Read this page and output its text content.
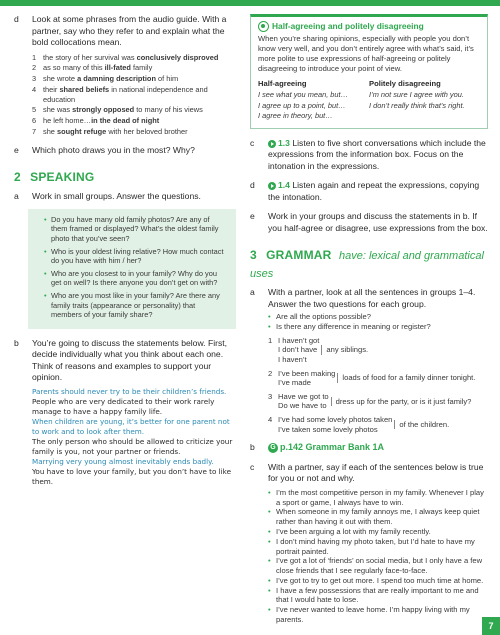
d	Look at some phrases from the audio guide. With a partner, say who they refer to and explain what the bold collocations mean.
1 the story of her survival was conclusively disproved
2 as so many of this ill-fated family
3 she wrote a damning description of him
4 their shared beliefs in national independence and education
5 she was strongly opposed to many of his views
6 he left home…in the dead of night
7 she sought refuge with her beloved brother
e	Which photo draws you in the most? Why?
2 SPEAKING
a	Work in small groups. Answer the questions.
• Do you have many old family photos? Are any of them framed or displayed? What’s the oldest family photo that you’ve seen?
• Who is your oldest living relative? How much contact do you have with him / her?
• Who are you closest to in your family? Why do you get on well? Is there anyone you don’t get on with?
• Who are you most like in your family? Are there any family traits (appearance or personality) that members of your family share?
b	You’re going to discuss the statements below. First, decide individually what you think about each one. Think of reasons and examples to support your opinion.

Parents should never try to be their children’s friends.

People who are very dedicated to their work rarely manage to have a happy family life.

When children are young, it’s better for one parent not to work and to look after them.

The only person who should be allowed to criticize your family is you, not your partner or friends.

Marrying very young almost inevitably ends badly.

You have to love your family, but you don’t have to like them.

Half-agreeing and politely disagreeing
When you’re sharing opinions, especially with people you don’t know very well, and you don’t entirely agree with what’s said, it’s more polite to use expressions of half-agreeing or politely disagreeing to introduce your point of view.
Half-agreeing
I see what you mean, but…
I agree up to a point, but…
I agree in theory, but…
Politely disagreeing
I’m not sure I agree with you.
I don’t really think that’s right.
c	1.3 Listen to five short conversations which include the expressions from the information box. Focus on the intonation in the expressions.
d	1.4 Listen again and repeat the expressions, copying the intonation.
e	Work in your groups and discuss the statements in b. If you half-agree or disagree, use expressions from the box.
3 GRAMMAR have: lexical and grammatical uses
a	With a partner, look at all the sentences in groups 1–4. Answer the two questions for each group.
• Are all the options possible?
• Is there any difference in meaning or register?
1 I haven’t got
I don’t have
I haven’t
any siblings.
2 I’ve been making
I’ve made
loads of food for a family dinner tonight.
3 Have we got to
Do we have to
dress up for the party, or is it just family?
4 I’ve had some lovely photos taken
I’ve taken some lovely photos
of the children.
b	G p.142 Grammar Bank 1A
c	With a partner, say if each of the sentences below is true for you or not and why.
• I’m the most competitive person in my family. Whenever I play a sport or game, I always have to win.
• When someone in my family annoys me, I always keep quiet rather than having it out with them.
• I’ve been arguing a lot with my family recently.
• I don’t mind having my photo taken, but I’d hate to have my portrait painted.
• I’ve got a lot of ‘friends’ on social media, but I only have a few close friends that I see regularly face-to-face.
• I’ve got to try to get out more. I spend too much time at home.
• I have a few possessions that are really important to me and that I would hate to lose.
• I’ve never wanted to leave home. I’m happy living with my parents.
7
